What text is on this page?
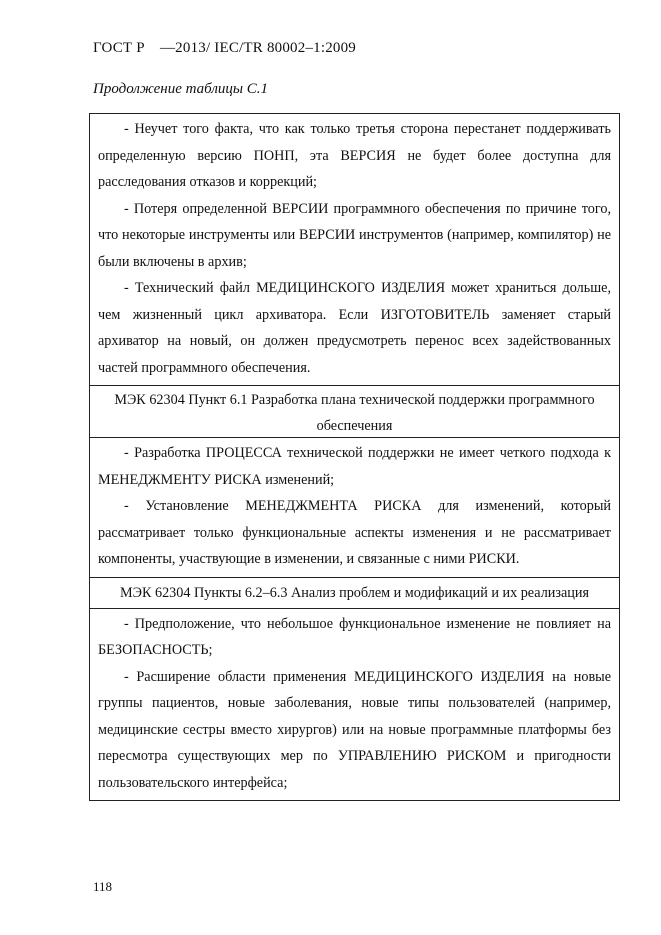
ГОСТ Р —2013/ IEC/TR 80002–1:2009
Продолжение таблицы С.1

- Неучет того факта, что как только третья сторона перестанет поддерживать определенную версию ПОНП, эта ВЕРСИЯ не будет более доступна для расследования отказов и коррекций;

- Потеря определенной ВЕРСИИ программного обеспечения по причине того, что некоторые инструменты или ВЕРСИИ инструментов (например, компилятор) не были включены в архив;

- Технический файл МЕДИЦИНСКОГО ИЗДЕЛИЯ может храниться дольше, чем жизненный цикл архиватора. Если ИЗГОТОВИТЕЛЬ заменяет старый архиватор на новый, он должен предусмотреть перенос всех задействованных частей программного обеспечения.

МЭК 62304 Пункт 6.1 Разработка плана технической поддержки программного обеспечения

- Разработка ПРОЦЕССА технической поддержки не имеет четкого подхода к МЕНЕДЖМЕНТУ РИСКА изменений;

- Установление МЕНЕДЖМЕНТА РИСКА для изменений, который рассматривает только функциональные аспекты изменения и не рассматривает компоненты, участвующие в изменении, и связанные с ними РИСКИ.

МЭК 62304 Пункты 6.2–6.3 Анализ проблем и модификаций и их реализация

- Предположение, что небольшое функциональное изменение не повлияет на БЕЗОПАСНОСТЬ;

- Расширение области применения МЕДИЦИНСКОГО ИЗДЕЛИЯ на новые группы пациентов, новые заболевания, новые типы пользователей (например, медицинские сестры вместо хирургов) или на новые программные платформы без пересмотра существующих мер по УПРАВЛЕНИЮ РИСКОМ и пригодности пользовательского интерфейса;

118
